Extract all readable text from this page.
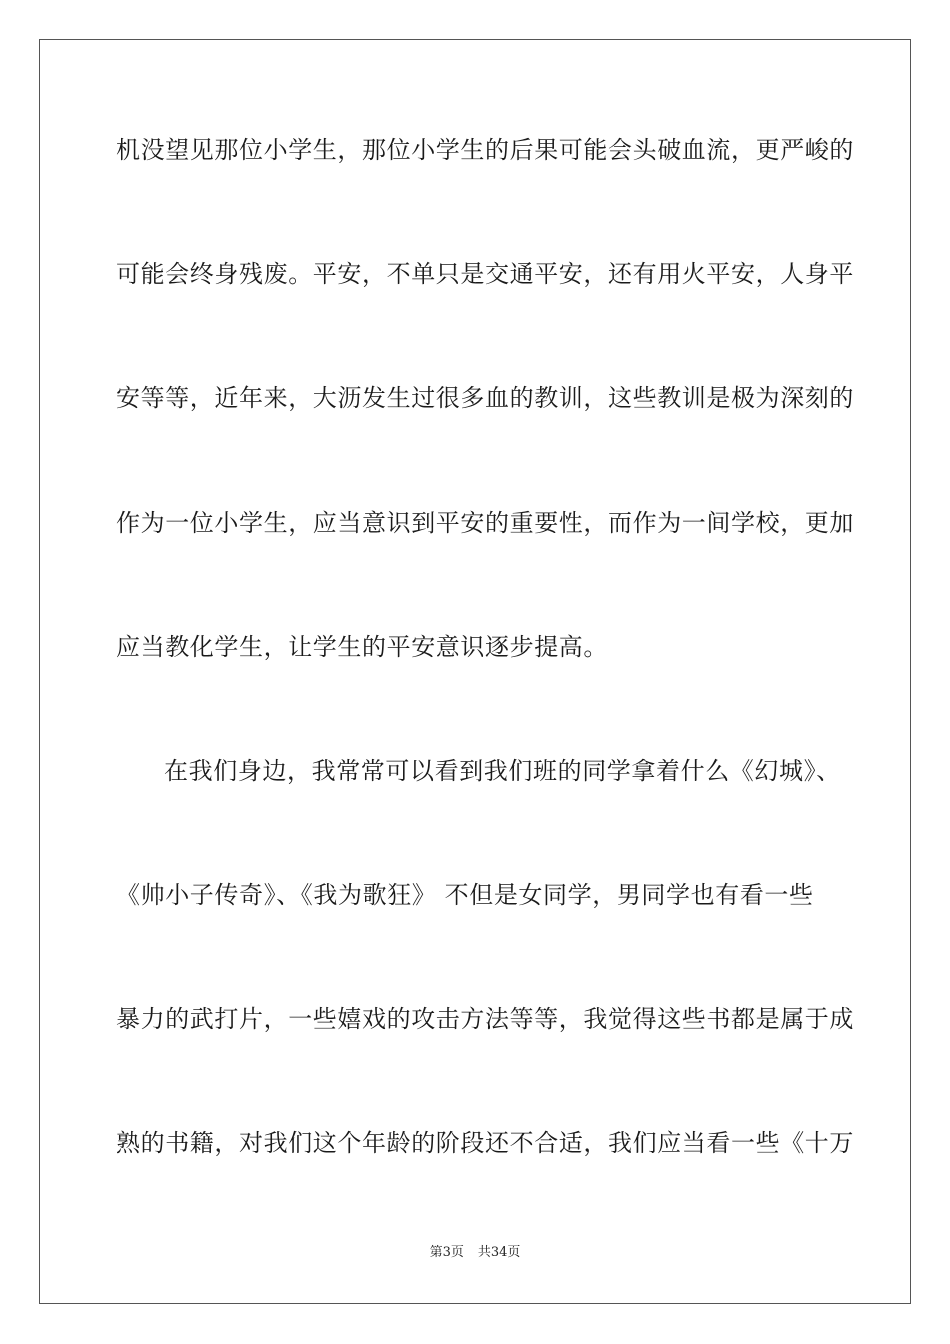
机没望见那位小学生，那位小学生的后果可能会头破血流，更严峻的
可能会终身残废。平安，不单只是交通平安，还有用火平安，人身平
安等等，近年来，大沥发生过很多血的教训，这些教训是极为深刻的
作为一位小学生，应当意识到平安的重要性，而作为一间学校，更加
应当教化学生，让学生的平安意识逐步提高。
在我们身边，我常常可以看到我们班的同学拿着什么《幻城》、
《帅小子传奇》、《我为歌狂》 不但是女同学，男同学也有看一些
暴力的武打片，一些嬉戏的攻击方法等等，我觉得这些书都是属于成
熟的书籍，对我们这个年龄的阶段还不合适，我们应当看一些《十万
第3页 共34页
